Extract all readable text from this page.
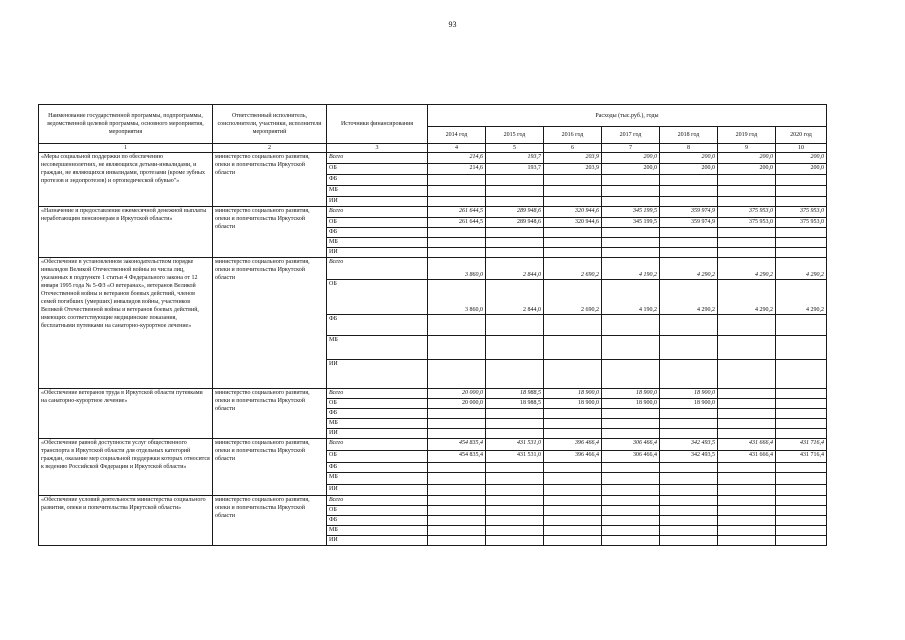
93
Наименование государственной программы, подпрограммы, ведомственной целевой программы, основного мероприятия, мероприятия	Ответственный исполнитель, соисполнители, участники, исполнители мероприятий	Источники финансирования	Расходы (тыс.руб.), годы						
			2014 год	2015 год	2016 год	2017 год	2018 год	2019 год	2020 год
1	2	3	4	5	6	7	8	9	10
«Меры социальной поддержки по обеспечению несовершеннолетних, не являющихся детьми-инвалидами, и граждан, не являющихся инвалидами, протезами (кроме зубных протезов и эндопротезов) и ортопедической обувью"»	министерство социального развития, опеки и попечительства Иркутской области	Всего	214,6	193,7	203,9	200,0	200,0	200,0	200,0
		ОБ	214,6	193,7	203,9	200,0	200,0	200,0	200,0
		ФБ							
		МБ							
		ИИ							
«Назначение и предоставление ежемесячной денежной выплаты неработающим пенсионерам в Иркутской области»	министерство социального развития, опеки и попечительства Иркутской области	Всего	261 644,5	289 948,6	320 944,6	345 199,5	359 974,9	375 953,0	375 953,0
		ОБ	261 644,5	289 948,6	320 944,6	345 199,5	359 974,9	375 953,0	375 953,0
		ФБ							
		МБ							
		ИИ							
«Обеспечение в установленном законодательством порядке инвалидов Великой Отечественной войны из числа лиц, указанных в подпункте 1 статьи 4 Федерального закона от 12 января 1995 года № 5-ФЗ «О ветеранах», ветеранов Великой Отечественной войны и ветеранов боевых действий, членов семей погибших (умерших) инвалидов войны, участников Великой Отечественной войны и ветеранов боевых действий, имеющих соответствующие медицинские показания, бесплатными путевками на санаторно-курортное лечение»	министерство социального развития, опеки и попечительства Иркутской области	Всего	3 860,0	2 844,0	2 690,2	4 190,2	4 290,2	4 290,2	4 290,2
		ОБ	3 860,0	2 844,0	2 690,2	4 190,2	4 290,2	4 290,2	4 290,2
		ФБ							
		МБ							
		ИИ							
«Обеспечение ветеранов труда в Иркутской области путевками на санаторно-курортное лечение»	министерство социального развития, опеки и попечительства Иркутской области	Всего	20 000,0	18 988,5	18 900,0	18 900,0	18 900,0		
		ОБ	20 000,0	18 988,5	18 900,0	18 900,0	18 900,0		
		ФБ							
		МБ							
		ИИ							
«Обеспечение равной доступности услуг общественного транспорта в Иркутской области для отдельных категорий граждан, оказание мер социальной поддержки которых относится к ведению Российской Федерации и Иркутской области»	министерство социального развития, опеки и попечительства Иркутской области	Всего	454 835,4	431 531,0	396 466,4	306 466,4	342 493,5	431 666,4	431 716,4
		ОБ	454 835,4	431 531,0	396 466,4	306 466,4	342 493,5	431 666,4	431 716,4
		ФБ							
		МБ							
		ИИ							
«Обеспечение условий деятельности министерства социального развития, опеки и попечительства Иркутской области»	министерство социального развития, опеки и попечительства Иркутской области	Всего							
		ОБ							
		ФБ							
		МБ							
		ИИ							
